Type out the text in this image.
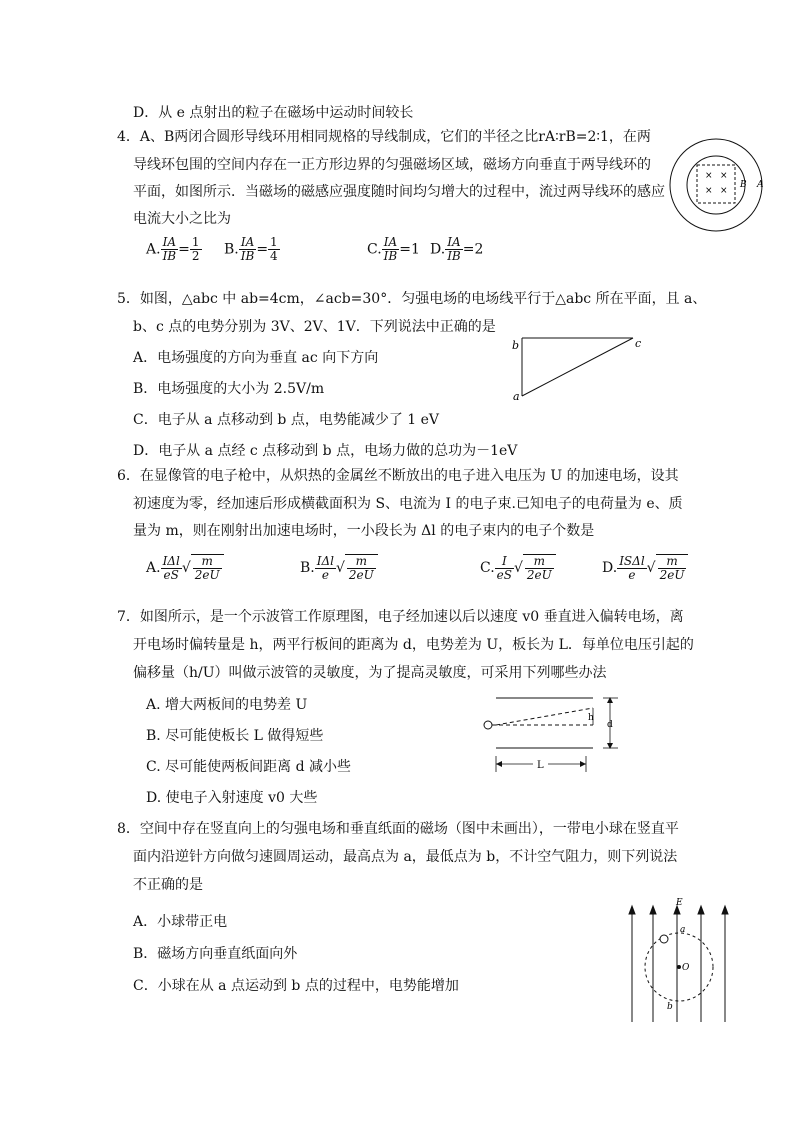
D．从 e 点射出的粒子在磁场中运动时间较长
4．A、B两闭合圆形导线环用相同规格的导线制成，它们的半径之比rA∶rB=2∶1，在两
导线环包围的空间内存在一正方形边界的匀强磁场区域，磁场方向垂直于两导线环的
平面，如图所示．当磁场的磁感应强度随时间均匀增大的过程中，流过两导线环的感应
电流大小之比为
A. $\frac{IA}{IB} = \frac{1}{2} B$. $\frac{IA}{IB} = \frac{1}{4}$	C. $\frac{IA}{IB} =1$ D. $\frac{IA}{IB} =2$
× ×
× ×
B A
5．如图，△abc 中 ab=4cm，∠acb=30°．匀强电场的电场线平行于△abc 所在平面，且 a、
b、c 点的电势分别为 3V、2V、1V．下列说法中正确的是
A．电场强度的方向为垂直 ac 向下方向
B．电场强度的大小为 2.5V/m
C．电子从 a 点移动到 b 点，电势能减少了 1 eV
D．电子从 a 点经 c 点移动到 b 点，电场力做的总功为－1eV
b	c
a
6．在显像管的电子枪中，从炽热的金属丝不断放出的电子进入电压为 U 的加速电场，设其
初速度为零，经加速后形成横截面积为 S、电流为 I 的电子束.已知电子的电荷量为 e、质
量为 m，则在刚射出加速电场时，一小段长为 Δl 的电子束内的电子个数是
A. $\frac{\text{IΔl}}{eS}$ √ $\frac{m}{2eU}$	B. $\frac{\text{IΔl}}{e}$ √ $\frac{m}{2eU}$	C. $\frac{I}{eS}$ √ $\frac{m}{2eU}$	D. $\frac{\text{ISΔl}}{e}$ √ $\frac{m}{2eU}$
7．如图所示，是一个示波管工作原理图，电子经加速以后以速度 v0 垂直进入偏转电场，离
开电场时偏转量是 h，两平行板间的距离为 d，电势差为 U，板长为 L．每单位电压引起的
偏移量（h/U）叫做示波管的灵敏度，为了提高灵敏度，可采用下列哪些办法
A. 增大两板间的电势差 U
B. 尽可能使板长 L 做得短些
C. 尽可能使两板间距离 d 减小些
D. 使电子入射速度 v0 大些
h
d
L
8．空间中存在竖直向上的匀强电场和垂直纸面的磁场（图中未画出），一带电小球在竖直平
面内沿逆针方向做匀速圆周运动，最高点为 a，最低点为 b，不计空气阻力，则下列说法
不正确的是
A．小球带正电
B．磁场方向垂直纸面向外
C．小球在从 a 点运动到 b 点的过程中，电势能增加
E
a
O
b
